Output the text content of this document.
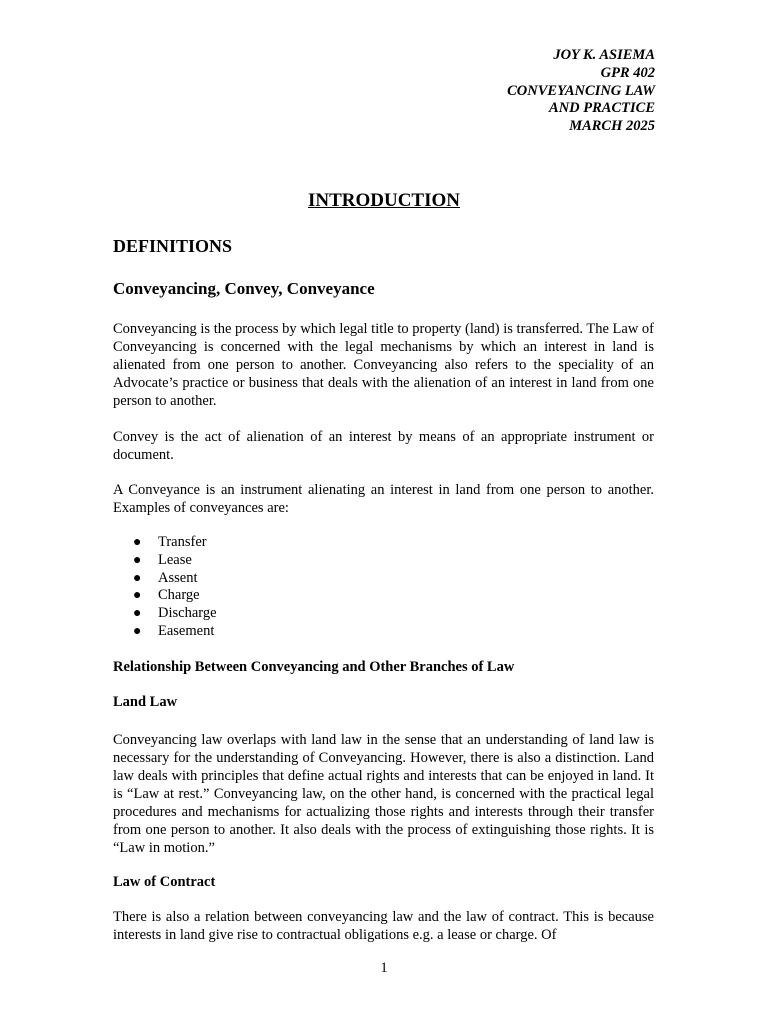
JOY K. ASIEMA
GPR 402
CONVEYANCING LAW
AND PRACTICE
MARCH 2025
INTRODUCTION
DEFINITIONS
Conveyancing, Convey, Conveyance

Conveyancing is the process by which legal title to property (land) is transferred. The Law of Conveyancing is concerned with the legal mechanisms by which an interest in land is alienated from one person to another. Conveyancing also refers to the speciality of an Advocate’s practice or business that deals with the alienation of an interest in land from one person to another.

Convey is the act of alienation of an interest by means of an appropriate instrument or document.

A Conveyance is an instrument alienating an interest in land from one person to another. Examples of conveyances are:

● Transfer
● Lease
● Assent
● Charge
● Discharge
● Easement
Relationship Between Conveyancing and Other Branches of Law
Land Law

Conveyancing law overlaps with land law in the sense that an understanding of land law is necessary for the understanding of Conveyancing. However, there is also a distinction. Land law deals with principles that define actual rights and interests that can be enjoyed in land. It is “Law at rest.” Conveyancing law, on the other hand, is concerned with the practical legal procedures and mechanisms for actualizing those rights and interests through their transfer from one person to another. It also deals with the process of extinguishing those rights. It is “Law in motion.”

Law of Contract

There is also a relation between conveyancing law and the law of contract. This is because interests in land give rise to contractual obligations e.g. a lease or charge. Of

1
